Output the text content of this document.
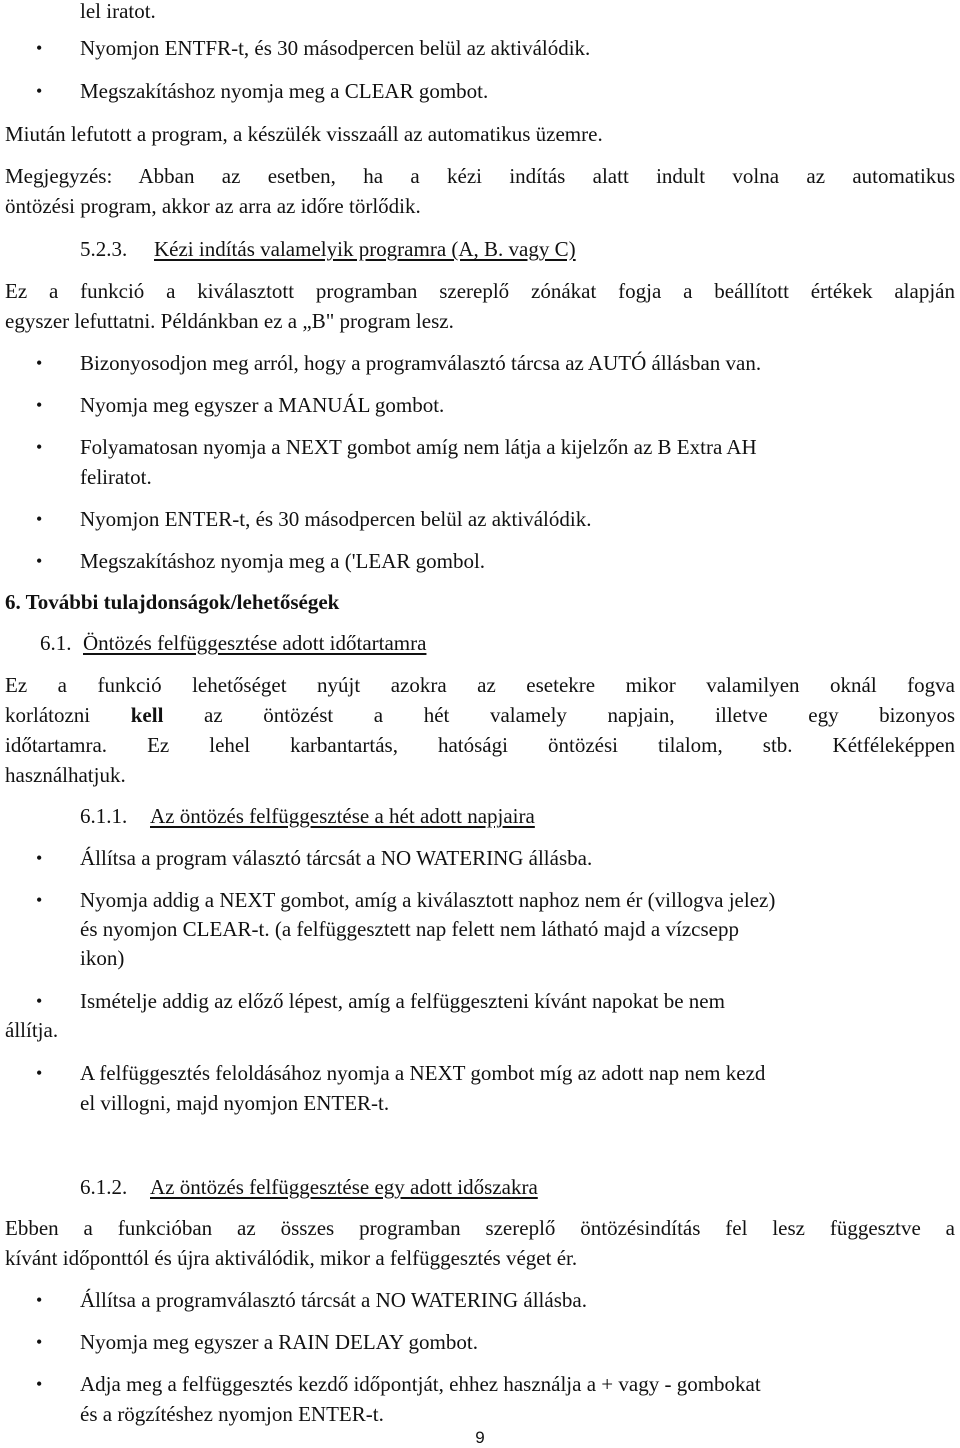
lel iratot.
• Nyomjon ENTFR-t, és 30 másodpercen belül az aktiválódik.
• Megszakításhoz nyomja meg a CLEAR gombot.
Miután lefutott a program, a készülék visszaáll az automatikus üzemre.
Megjegyzés: Abban az esetben, ha a kézi indítás alatt indult volna az automatikus
öntözési program, akkor az arra az időre törlődik.
5.2.3. Kézi indítás valamelyik programra (A, B. vagy C)
Ez a funkció a kiválasztott programban szereplő zónákat fogja a beállított értékek alapján
egyszer lefuttatni. Példánkban ez a „B" program lesz.
• Bizonyosodjon meg arról, hogy a programválasztó tárcsa az AUTÓ állásban van.
• Nyomja meg egyszer a MANUÁL gombot.
• Folyamatosan nyomja a NEXT gombot amíg nem látja a kijelzőn az B Extra AH
feliratot.
• Nyomjon ENTER-t, és 30 másodpercen belül az aktiválódik.
• Megszakításhoz nyomja meg a ('LEAR gombol.
6. További tulajdonságok/lehetőségek
6.1. Öntözés felfüggesztése adott időtartamra
Ez a funkció lehetőséget nyújt azokra az esetekre mikor valamilyen oknál fogva
korlátozni kell az öntözést a hét valamely napjain, illetve egy bizonyos
időtartamra. Ez lehel karbantartás, hatósági öntözési tilalom, stb. Kétféleképpen
használhatjuk.
6.1.1. Az öntözés felfüggesztése a hét adott napjaira
• Állítsa a program választó tárcsát a NO WATERING állásba.
• Nyomja addig a NEXT gombot, amíg a kiválasztott naphoz nem ér (villogva jelez)
és nyomjon CLEAR-t. (a felfüggesztett nap felett nem látható majd a vízcsepp
ikon)
• Ismételje addig az előző lépest, amíg a felfüggeszteni kívánt napokat be nem
állítja.
• A felfüggesztés feloldásához nyomja a NEXT gombot míg az adott nap nem kezd
el villogni, majd nyomjon ENTER-t.
6.1.2. Az öntözés felfüggesztése egy adott időszakra
Ebben a funkcióban az összes programban szereplő öntözésindítás fel lesz függesztve a
kívánt időponttól és újra aktiválódik, mikor a felfüggesztés véget ér.
• Állítsa a programválasztó tárcsát a NO WATERING állásba.
• Nyomja meg egyszer a RAIN DELAY gombot.
• Adja meg a felfüggesztés kezdő időpontját, ehhez használja a + vagy - gombokat
és a rögzítéshez nyomjon ENTER-t.
9
